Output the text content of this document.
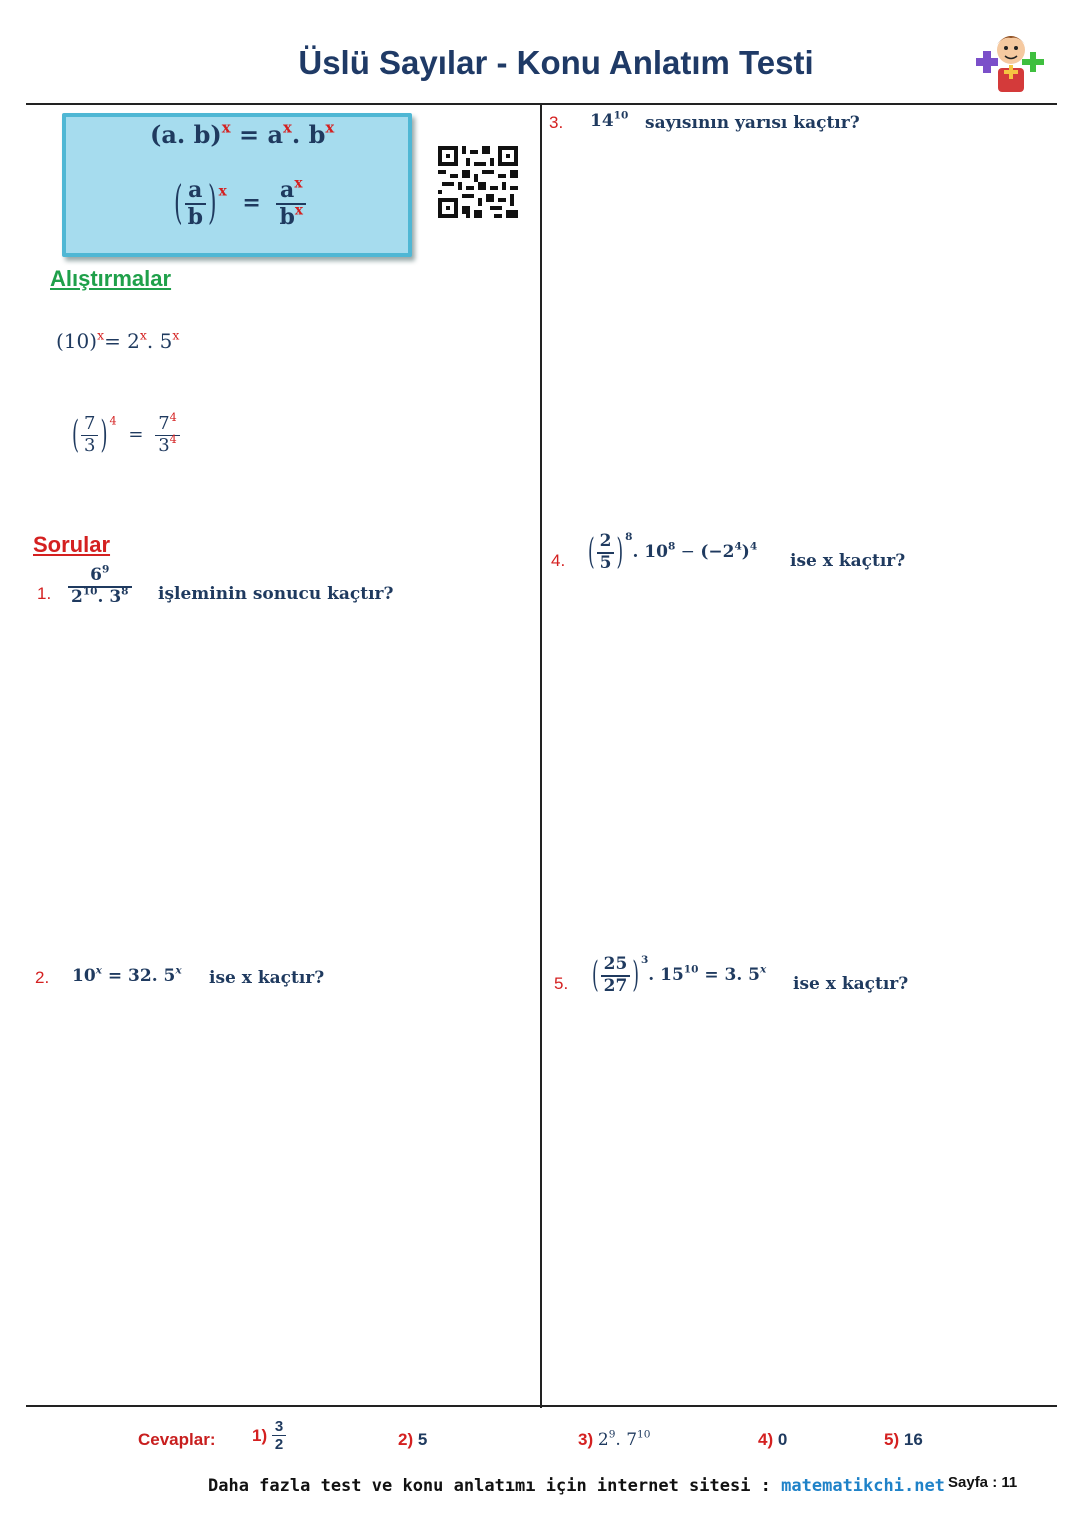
Üslü Sayılar - Konu Anlatım Testi
(a. $b)^x = a^x$. $b^x$
( $\frac{a}{b}$ ) $^x = \frac{a^x}{b^x}$
Alıştırmalar
$(10)^x= 2^x$. 5$^x$
( $\frac{7}{3}$ ) $^4 = \frac{7^4}{3^4}$
Sorular
1. $\frac{6^9}{2^{10}. 3^8}$ işleminin sonucu kaçtır?
2. $10^x = 32$. 5$^x$ ise x kaçtır?
3. $14^{10}$ sayısının yarısı kaçtır?
4. ( $\frac{2}{5}$ ) $^8$. $10^8 - (-2^4)^4$
ise x kaçtır?
5. ( $\frac{25}{27}$ ) $^3$. $15^{10} = 3$. 5$^x$
ise x kaçtır?
Cevaplar: $1) \frac{3}{2}$	2) 5	3) $2^9$. $7^{10}$	4) 0	5) 16
Daha fazla test ve konu anlatımı için internet sitesi : matematikchi.net Sayfa : 11
